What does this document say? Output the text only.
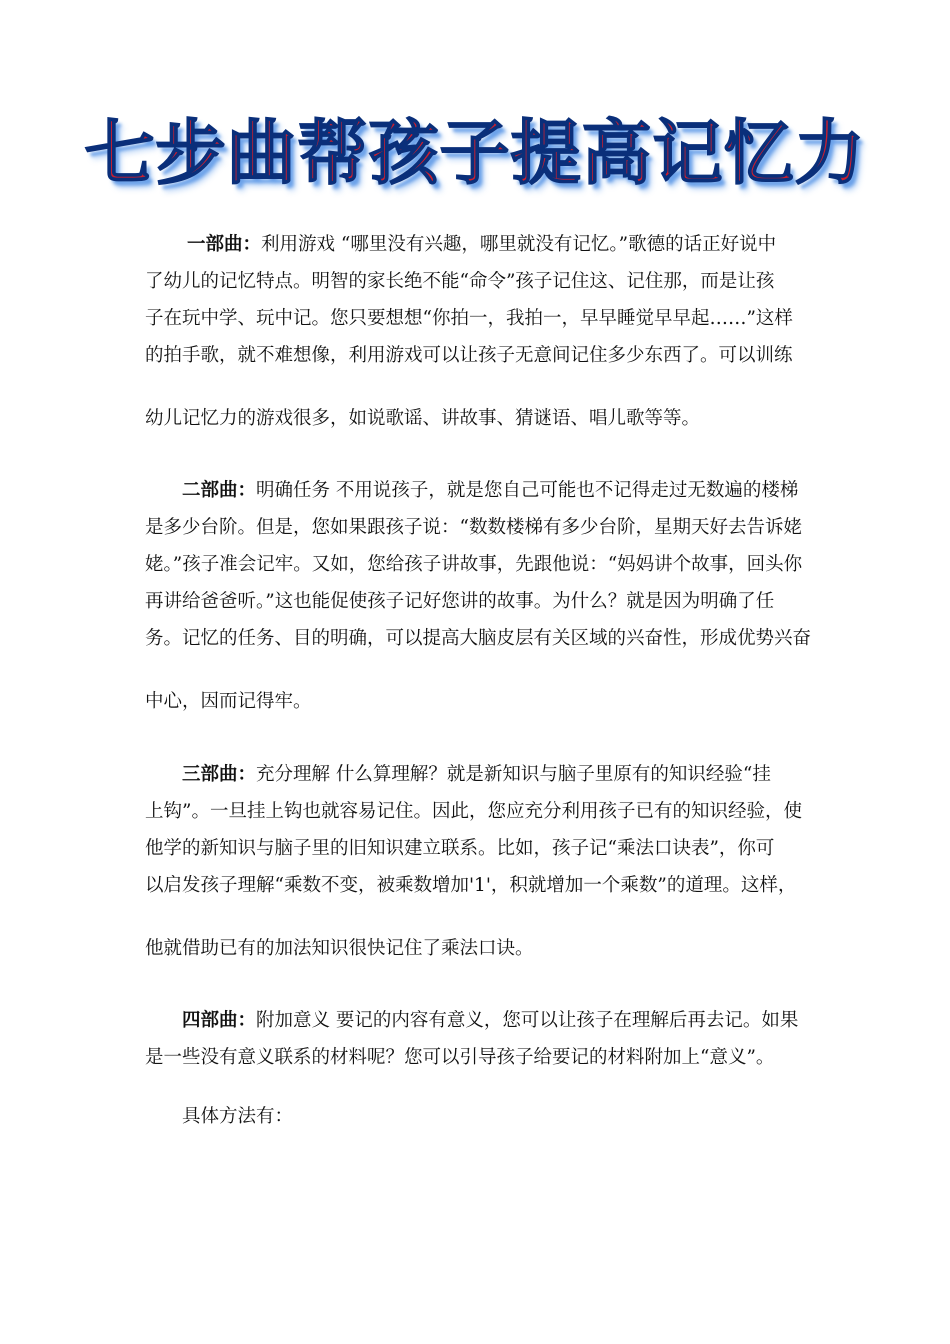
七步曲帮孩子提高记忆力
一部曲：利用游戏 “哪里没有兴趣，哪里就没有记忆。”歌德的话正好说中
了幼儿的记忆特点。明智的家长绝不能“命令”孩子记住这、记住那，而是让孩
子在玩中学、玩中记。您只要想想“你拍一，我拍一，早早睡觉早早起……”这样
的拍手歌，就不难想像，利用游戏可以让孩子无意间记住多少东西了。可以训练
幼儿记忆力的游戏很多，如说歌谣、讲故事、猜谜语、唱儿歌等等。
二部曲：明确任务 不用说孩子，就是您自己可能也不记得走过无数遍的楼梯
是多少台阶。但是，您如果跟孩子说：“数数楼梯有多少台阶，星期天好去告诉姥
姥。”孩子准会记牢。又如，您给孩子讲故事，先跟他说：“妈妈讲个故事，回头你
再讲给爸爸听。”这也能促使孩子记好您讲的故事。为什么？就是因为明确了任
务。记忆的任务、目的明确，可以提高大脑皮层有关区域的兴奋性，形成优势兴奋
中心，因而记得牢。
三部曲：充分理解 什么算理解？就是新知识与脑子里原有的知识经验“挂
上钩”。一旦挂上钩也就容易记住。因此，您应充分利用孩子已有的知识经验，使
他学的新知识与脑子里的旧知识建立联系。比如，孩子记“乘法口诀表”，你可
以启发孩子理解“乘数不变，被乘数增加'1'，积就增加一个乘数”的道理。这样，
他就借助已有的加法知识很快记住了乘法口诀。
四部曲：附加意义 要记的内容有意义，您可以让孩子在理解后再去记。如果
是一些没有意义联系的材料呢？您可以引导孩子给要记的材料附加上“意义”。
具体方法有：
